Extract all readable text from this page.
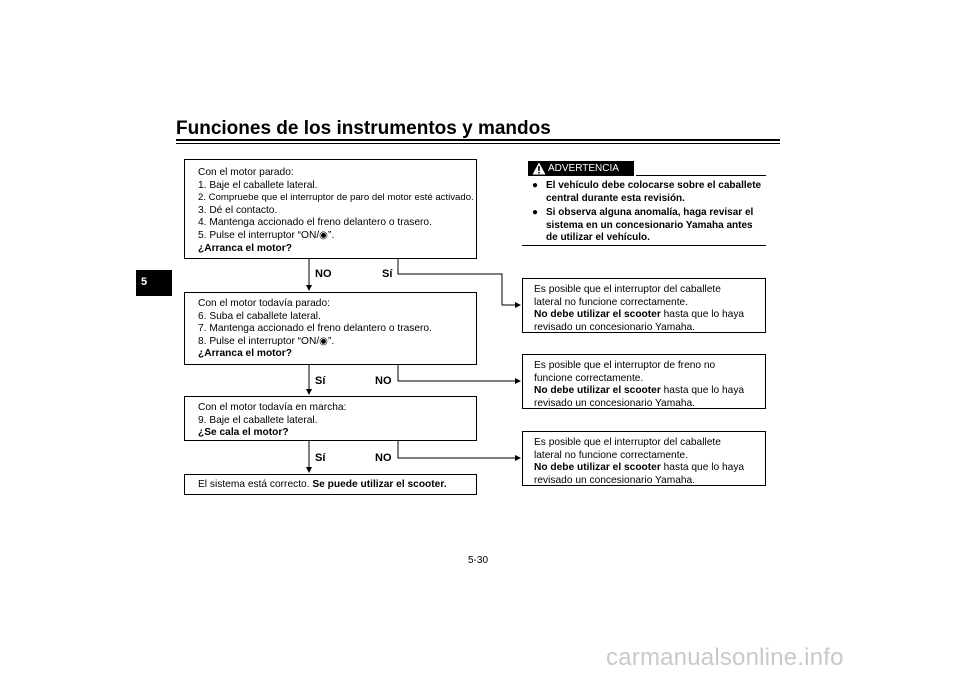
Funciones de los instrumentos y mandos
5
Con el motor parado:
1. Baje el caballete lateral.
2. Compruebe que el interruptor de paro del motor esté activado.
3. Dé el contacto.
4. Mantenga accionado el freno delantero o trasero.
5. Pulse el interruptor “ON/◉”.
¿Arranca el motor?
NO	Sí
Con el motor todavía parado:
6. Suba el caballete lateral.
7. Mantenga accionado el freno delantero o trasero.
8. Pulse el interruptor “ON/◉”.
¿Arranca el motor?
Sí	NO
Con el motor todavía en marcha:
9. Baje el caballete lateral.
¿Se cala el motor?
Sí	NO
El sistema está correcto. Se puede utilizar el scooter.
ADVERTENCIA
● El vehículo debe colocarse sobre el caballete central durante esta revisión.
● Si observa alguna anomalía, haga revisar el sistema en un concesionario Yamaha antes de utilizar el vehículo.
Es posible que el interruptor del caballete
lateral no funcione correctamente.
No debe utilizar el scooter hasta que lo haya
revisado un concesionario Yamaha.
Es posible que el interruptor de freno no
funcione correctamente.
No debe utilizar el scooter hasta que lo haya
revisado un concesionario Yamaha.
Es posible que el interruptor del caballete
lateral no funcione correctamente.
No debe utilizar el scooter hasta que lo haya
revisado un concesionario Yamaha.
5-30
carmanualsonline.info
